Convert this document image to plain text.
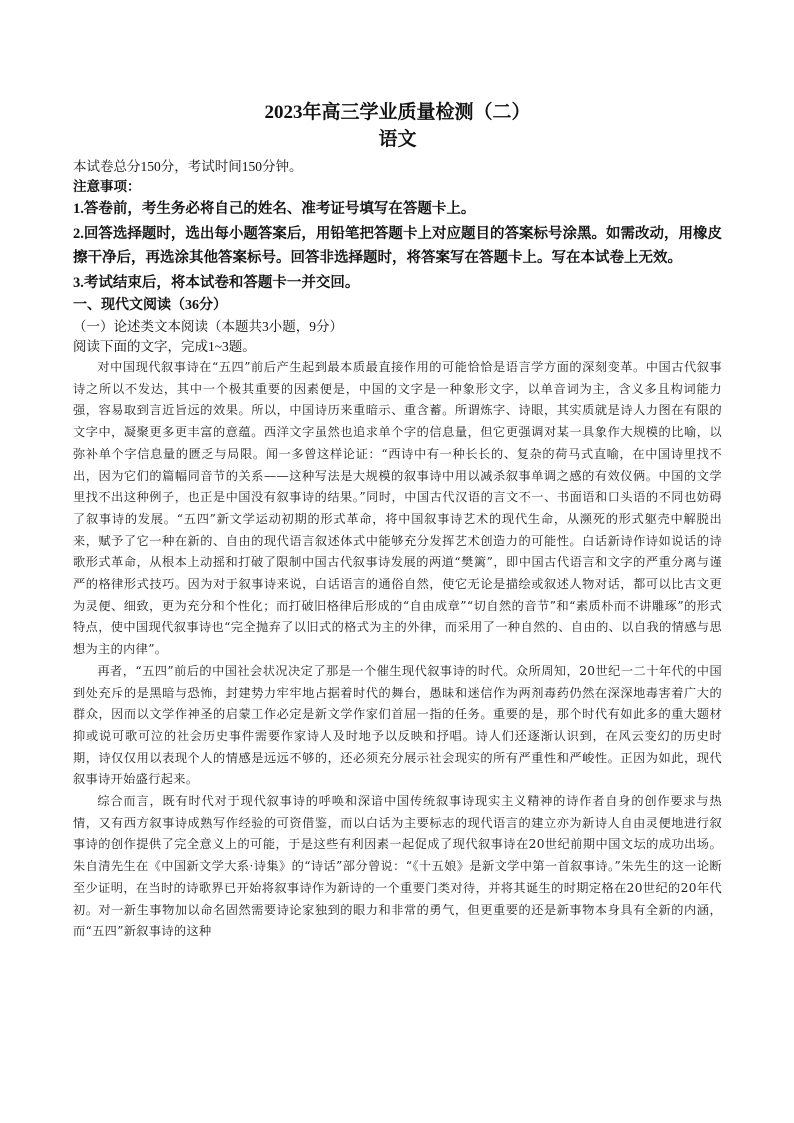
2023年高三学业质量检测（二）

语文

本试卷总分150分，考试时间150分钟。

注意事项：

1.答卷前，考生务必将自己的姓名、准考证号填写在答题卡上。

2.回答选择题时，选出每小题答案后，用铅笔把答题卡上对应题目的答案标号涂黑。如需改动，用橡皮擦干净后，再选涂其他答案标号。回答非选择题时，将答案写在答题卡上。写在本试卷上无效。

3.考试结束后，将本试卷和答题卡一并交回。

一、现代文阅读（36分）

（一）论述类文本阅读（本题共3小题，9分）

阅读下面的文字，完成1~3题。

对中国现代叙事诗在“五四”前后产生起到最本质最直接作用的可能恰恰是语言学方面的深刻变革。中国古代叙事诗之所以不发达，其中一个极其重要的因素便是，中国的文字是一种象形文字，以单音词为主，含义多且构词能力强，容易取到言近旨远的效果。所以，中国诗历来重暗示、重含蓄。所谓炼字、诗眼，其实质就是诗人力图在有限的文字中，凝聚更多更丰富的意蕴。西洋文字虽然也追求单个字的信息量，但它更强调对某一具象作大规模的比喻，以弥补单个字信息量的匮乏与局限。闻一多曾这样论证：“西诗中有一种长长的、复杂的荷马式直喻，在中国诗里找不出，因为它们的篇幅同音节的关系——这种写法是大规模的叙事诗中用以减杀叙事单调之感的有效仪俩。中国的文学里找不出这种例子，也正是中国没有叙事诗的结果。”同时，中国古代汉语的言文不一、书面语和口头语的不同也妨碍了叙事诗的发展。“五四”新文学运动初期的形式革命，将中国叙事诗艺术的现代生命，从濒死的形式躯壳中解脱出来，赋予了它一种在新的、自由的现代语言叙述体式中能够充分发挥艺术创造力的可能性。白话新诗作诗如说话的诗歌形式革命，从根本上动摇和打破了限制中国古代叙事诗发展的两道“樊篱”，即中国古代语言和文字的严重分离与谨严的格律形式技巧。因为对于叙事诗来说，白话语言的通俗自然，使它无论是描绘或叙述人物对话，都可以比古文更为灵便、细致，更为充分和个性化；而打破旧格律后形成的“自由成章”“切自然的音节”和“素质朴而不讲雕琢”的形式特点，使中国现代叙事诗也“完全抛弃了以旧式的格式为主的外律，而采用了一种自然的、自由的、以自我的情感与思想为主的内律”。

再者，“五四”前后的中国社会状况决定了那是一个催生现代叙事诗的时代。众所周知，20世纪一二十年代的中国到处充斥的是黑暗与恐怖，封建势力牢牢地占据着时代的舞台，愚昧和迷信作为两剂毒药仍然在深深地毒害着广大的群众，因而以文学作神圣的启蒙工作必定是新文学作家们首屈一指的任务。重要的是，那个时代有如此多的重大题材抑或说可歌可泣的社会历史事件需要作家诗人及时地予以反映和抒唱。诗人们还逐渐认识到，在风云变幻的历史时期，诗仅仅用以表现个人的情感是远远不够的，还必须充分展示社会现实的所有严重性和严峻性。正因为如此，现代叙事诗开始盛行起来。

综合而言，既有时代对于现代叙事诗的呼唤和深谙中国传统叙事诗现实主义精神的诗作者自身的创作要求与热情，又有西方叙事诗成熟写作经验的可资借鉴，而以白话为主要标志的现代语言的建立亦为新诗人自由灵便地进行叙事诗的创作提供了完全意义上的可能，于是这些有利因素一起促成了现代叙事诗在20世纪前期中国文坛的成功出场。朱自清先生在《中国新文学大系·诗集》的“诗话”部分曾说：“《十五娘》是新文学中第一首叙事诗。”朱先生的这一论断至少证明，在当时的诗歌界已开始将叙事诗作为新诗的一个重要门类对待，并将其诞生的时期定格在20世纪的20年代初。对一新生事物加以命名固然需要诗论家独到的眼力和非常的勇气，但更重要的还是新事物本身具有全新的内涵，而“五四”新叙事诗的这种
